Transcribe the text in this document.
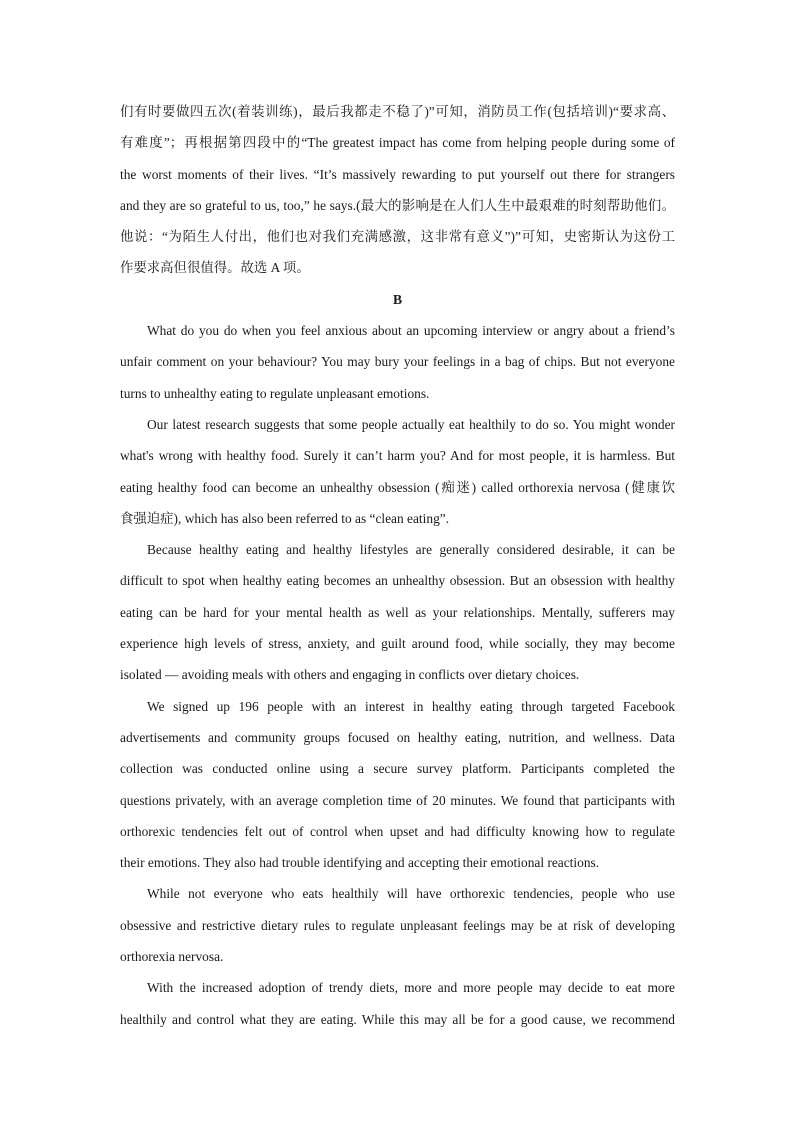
们有时要做四五次(着装训练)，最后我都走不稳了)”可知，消防员工作(包括培训)“要求高、

有难度”；再根据第四段中的“The greatest impact has come from helping people during some of

the worst moments of their lives. “It’s massively rewarding to put yourself out there for strangers

and they are so grateful to us, too,” he says.(最大的影响是在人们人生中最艰难的时刻帮助他们。

他说：“为陌生人付出，他们也对我们充满感激，这非常有意义”)”可知，史密斯认为这份工

作要求高但很值得。故选 A 项。

B

What do you do when you feel anxious about an upcoming interview or angry about a friend’s

unfair comment on your behaviour? You may bury your feelings in a bag of chips. But not everyone

turns to unhealthy eating to regulate unpleasant emotions.

Our latest research suggests that some people actually eat healthily to do so. You might wonder

what's wrong with healthy food. Surely it can’t harm you? And for most people, it is harmless. But

eating healthy food can become an unhealthy obsession (痴迷) called orthorexia nervosa (健康饮

食强迫症), which has also been referred to as “clean eating”.

Because healthy eating and healthy lifestyles are generally considered desirable, it can be

difficult to spot when healthy eating becomes an unhealthy obsession. But an obsession with healthy

eating can be hard for your mental health as well as your relationships. Mentally, sufferers may

experience high levels of stress, anxiety, and guilt around food, while socially, they may become

isolated — avoiding meals with others and engaging in conflicts over dietary choices.

We signed up 196 people with an interest in healthy eating through targeted Facebook

advertisements and community groups focused on healthy eating, nutrition, and wellness. Data

collection was conducted online using a secure survey platform. Participants completed the

questions privately, with an average completion time of 20 minutes. We found that participants with

orthorexic tendencies felt out of control when upset and had difficulty knowing how to regulate

their emotions. They also had trouble identifying and accepting their emotional reactions.

While not everyone who eats healthily will have orthorexic tendencies, people who use

obsessive and restrictive dietary rules to regulate unpleasant feelings may be at risk of developing

orthorexia nervosa.

With the increased adoption of trendy diets, more and more people may decide to eat more

healthily and control what they are eating. While this may all be for a good cause, we recommend
